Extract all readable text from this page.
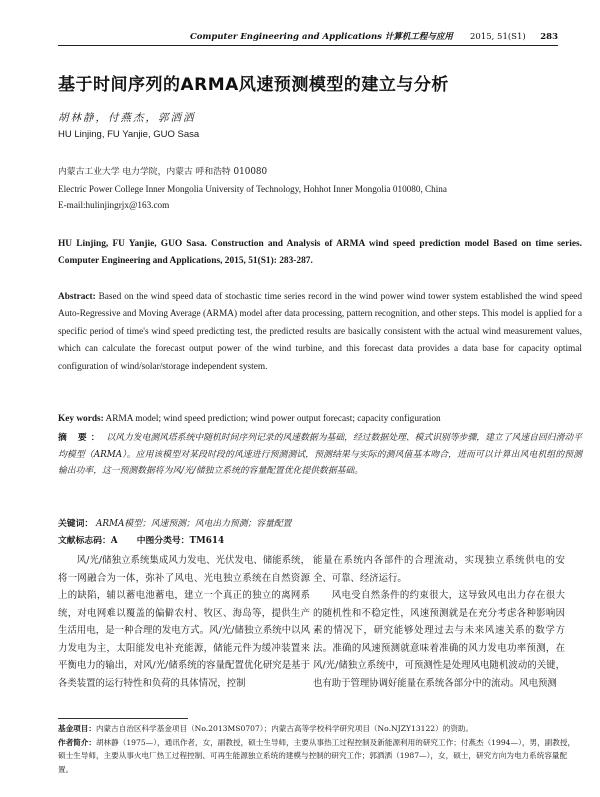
Computer Engineering and Applications 计算机工程与应用 2015, 51(S1) 283
基于时间序列的ARMA风速预测模型的建立与分析
胡林静，付燕杰，郭洒洒
HU Linjing, FU Yanjie, GUO Sasa
内蒙古工业大学 电力学院，内蒙古 呼和浩特 010080
Electric Power College Inner Mongolia University of Technology, Hohhot Inner Mongolia 010080, China
E-mail:hulinjingrjx@163.com
HU Linjing, FU Yanjie, GUO Sasa. Construction and Analysis of ARMA wind speed prediction model Based on time series. Computer Engineering and Applications, 2015, 51(S1): 283-287.
Abstract: Based on the wind speed data of stochastic time series record in the wind power wind tower system established the wind speed Auto-Regressive and Moving Average (ARMA) model after data processing, pattern recognition, and other steps. This model is applied for a specific period of time's wind speed predicting test, the predicted results are basically consistent with the actual wind measurement values, which can calculate the forecast output power of the wind turbine, and this forecast data provides a data base for capacity optimal configuration of wind/solar/storage independent system.
Key words: ARMA model; wind speed prediction; wind power output forecast; capacity configuration
摘 要： 以风力发电测风塔系统中随机时间序列记录的风速数据为基础，经过数据处理、模式识别等步骤，建立了风速自回归滑动平均模型（ARMA）。应用该模型对某段时段的风速进行预测测试，预测结果与实际的测风值基本吻合，进而可以计算出风电机组的预测输出功率，这一预测数据将为风/光/储独立系统的容量配置优化提供数据基础。
关键词： ARMA模型；风速预测；风电出力预测；容量配置
文献标志码：A 中图分类号：TM614

风/光/储独立系统集成风力发电、光伏发电、储能系统，将一网融合为一体，弥补了风电、光电独立系统在自然资源上的缺陷，辅以蓄电池蓄电，建立一个真正的独立的离网系统，对电网难以覆盖的偏僻农村、牧区、海岛等，提供生产生活用电，是一种合理的发电方式。风/光/储独立系统中以风力发电为主，太阳能发电补充能源，储能元件为缓冲装置来平衡电力的输出，对风/光/储系统的容量配置优化研究是基于各类装置的运行特性和负荷的具体情况，控制

能量在系统内各部件的合理流动，实现独立系统供电的安全、可靠、经济运行。

风电受自然条件的约束很大，这导致风电出力存在很大的随机性和不稳定性，风速预测就是在充分考虑各种影响因素的情况下，研究能够处理过去与未来风速关系的数学方法。准确的风速预测就意味着准确的风力发电功率预测，在风/光/储独立系统中，可预测性是处理风电随机波动的关键，也有助于管理协调好能量在系统各部分中的流动。风电预测

基金项目：内蒙古自治区科学基金项目（No.2013MS0707）；内蒙古高等学校科学研究项目（No.NJZY13122）的资助。
作者简介：胡林静（1975—），通讯作者，女，副教授，硕士生导师，主要从事热工过程控制及新能源利用的研究工作；付燕杰（1994—），男，副教授，硕士生导师，主要从事火电厂热工过程控制、可再生能源独立系统的建模与控制的研究工作；郭洒洒（1987—），女，硕士，研究方向为电力系统容量配置。
